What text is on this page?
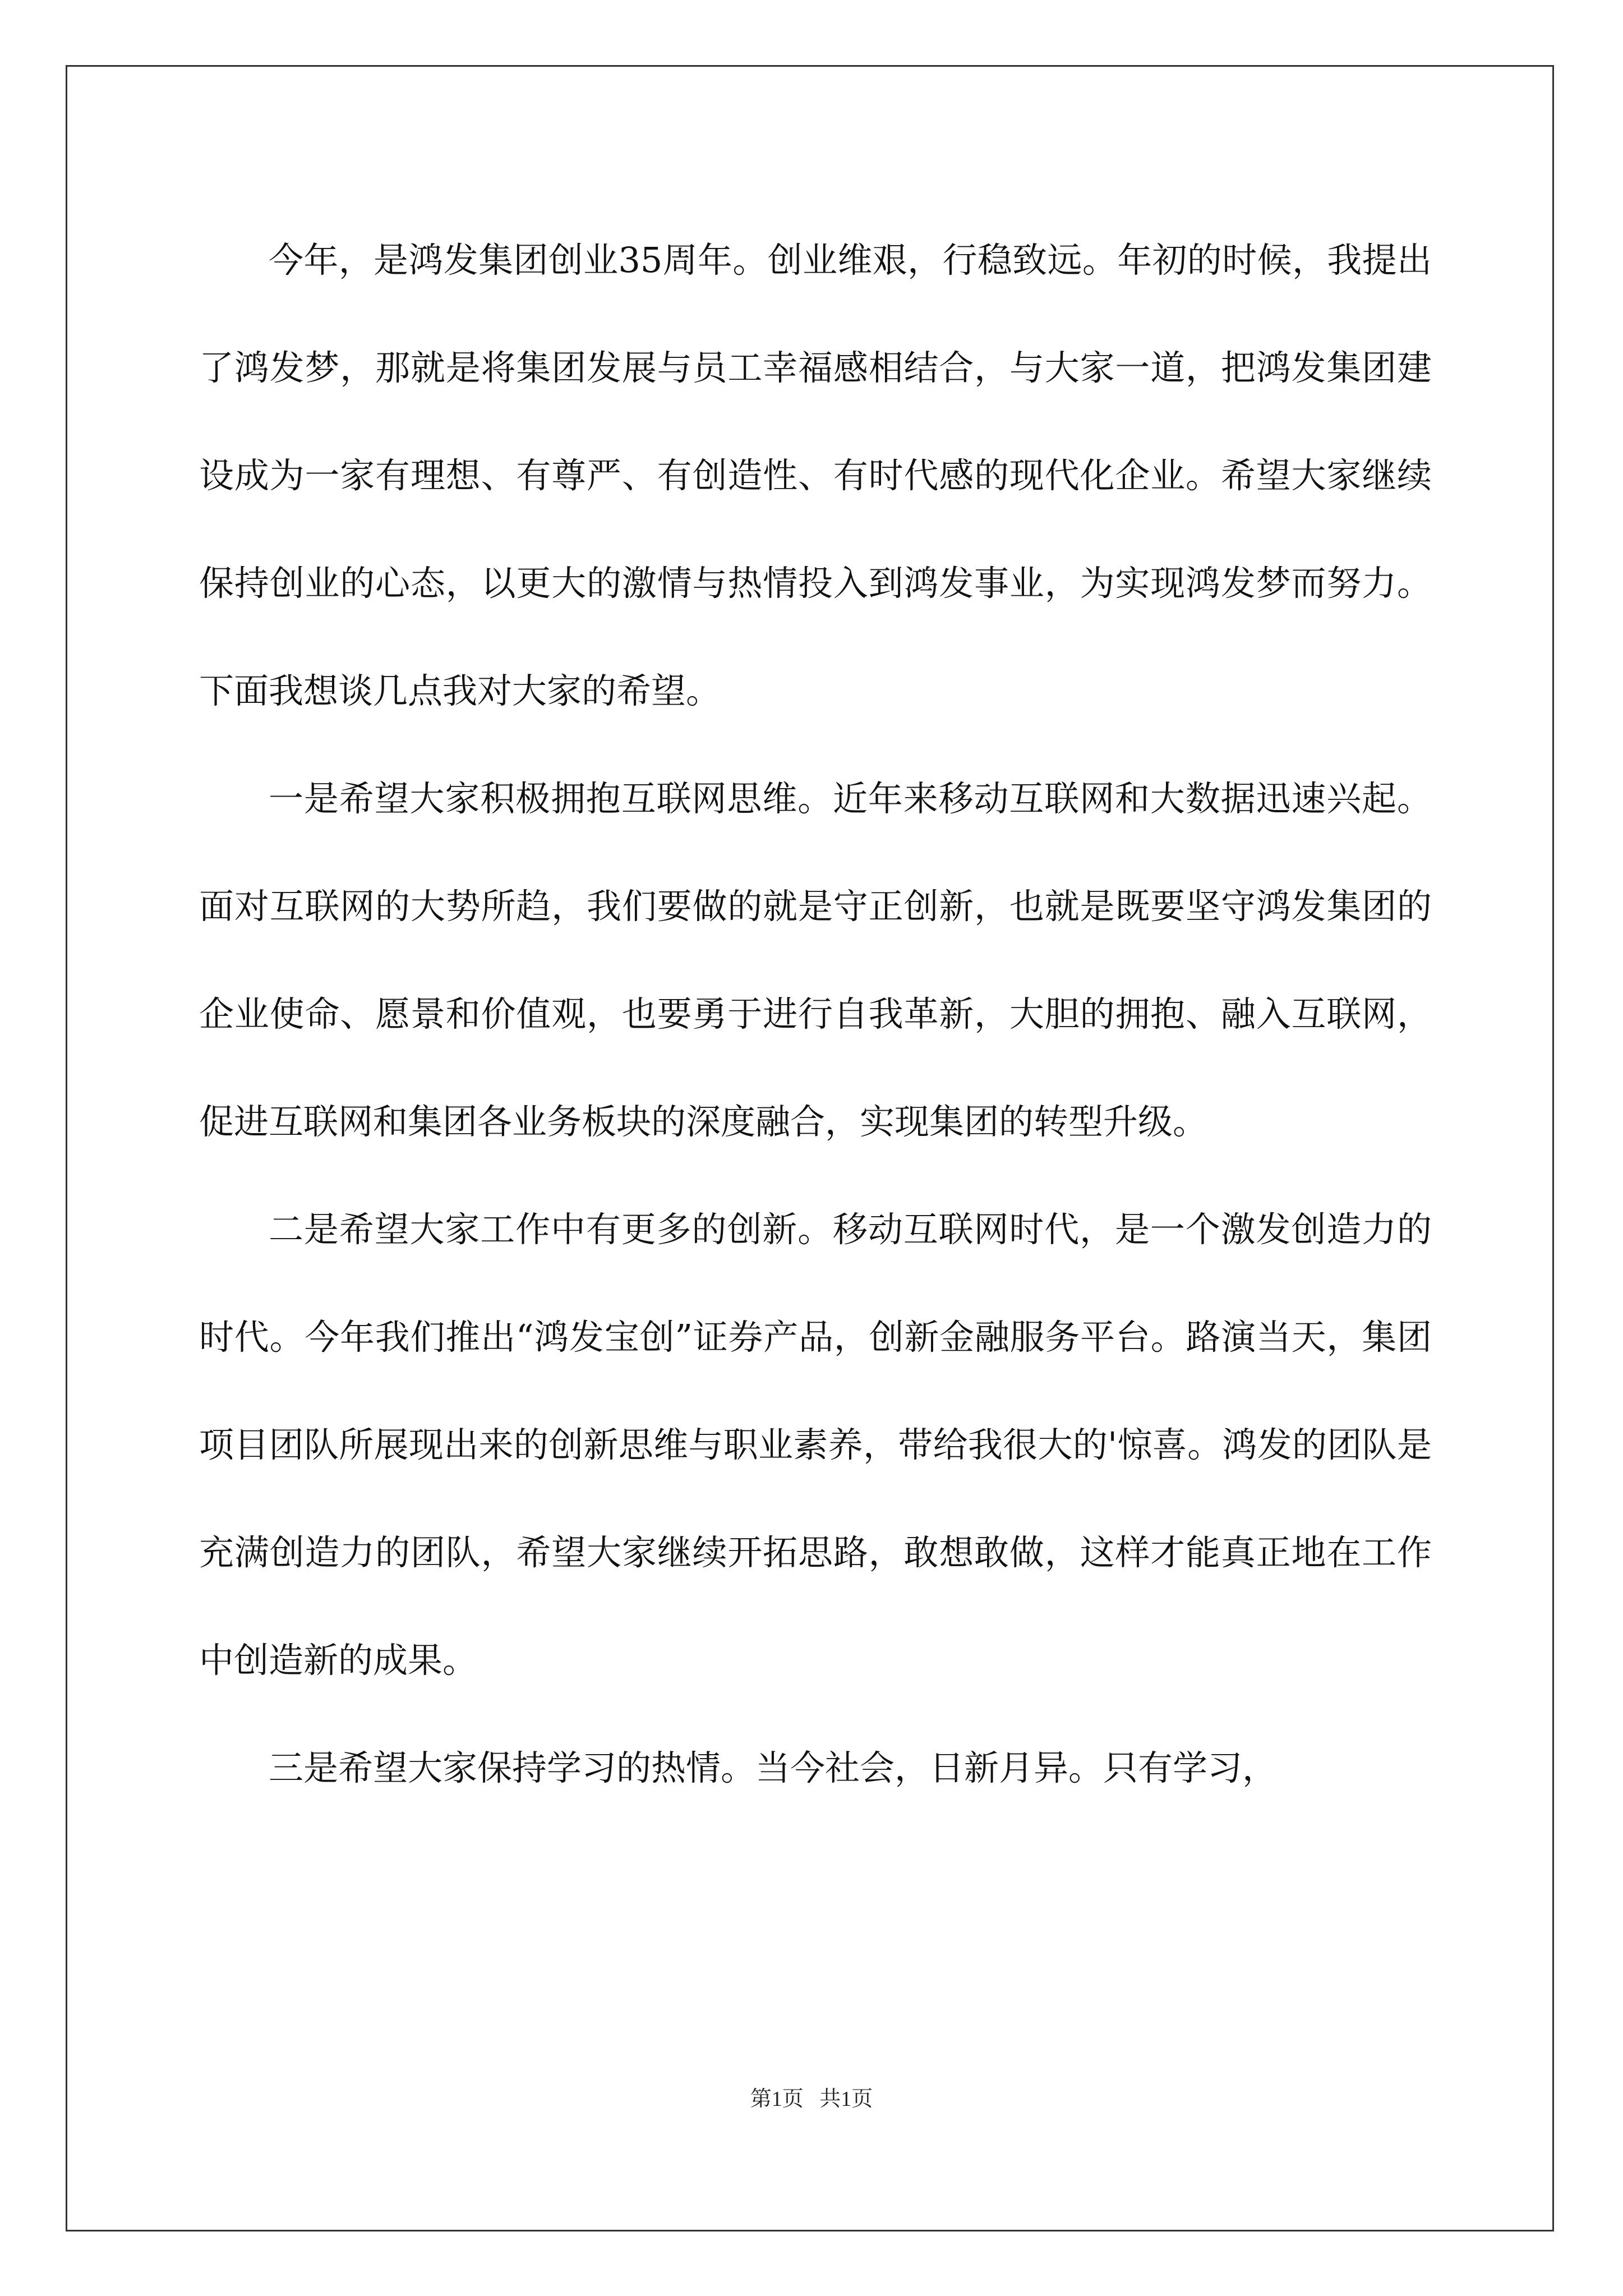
今年，是鸿发集团创业35周年。创业维艰，行稳致远。年初的时候，我提出了鸿发梦，那就是将集团发展与员工幸福感相结合，与大家一道，把鸿发集团建设成为一家有理想、有尊严、有创造性、有时代感的现代化企业。希望大家继续保持创业的心态，以更大的激情与热情投入到鸿发事业，为实现鸿发梦而努力。下面我想谈几点我对大家的希望。

一是希望大家积极拥抱互联网思维。近年来移动互联网和大数据迅速兴起。面对互联网的大势所趋，我们要做的就是守正创新，也就是既要坚守鸿发集团的企业使命、愿景和价值观，也要勇于进行自我革新，大胆的拥抱、融入互联网，促进互联网和集团各业务板块的深度融合，实现集团的转型升级。

二是希望大家工作中有更多的创新。移动互联网时代，是一个激发创造力的时代。今年我们推出“鸿发宝创”证券产品，创新金融服务平台。路演当天，集团项目团队所展现出来的创新思维与职业素养，带给我很大的'惊喜。鸿发的团队是充满创造力的团队，希望大家继续开拓思路，敢想敢做，这样才能真正地在工作中创造新的成果。

三是希望大家保持学习的热情。当今社会，日新月异。只有学习，

第1页   共1页
